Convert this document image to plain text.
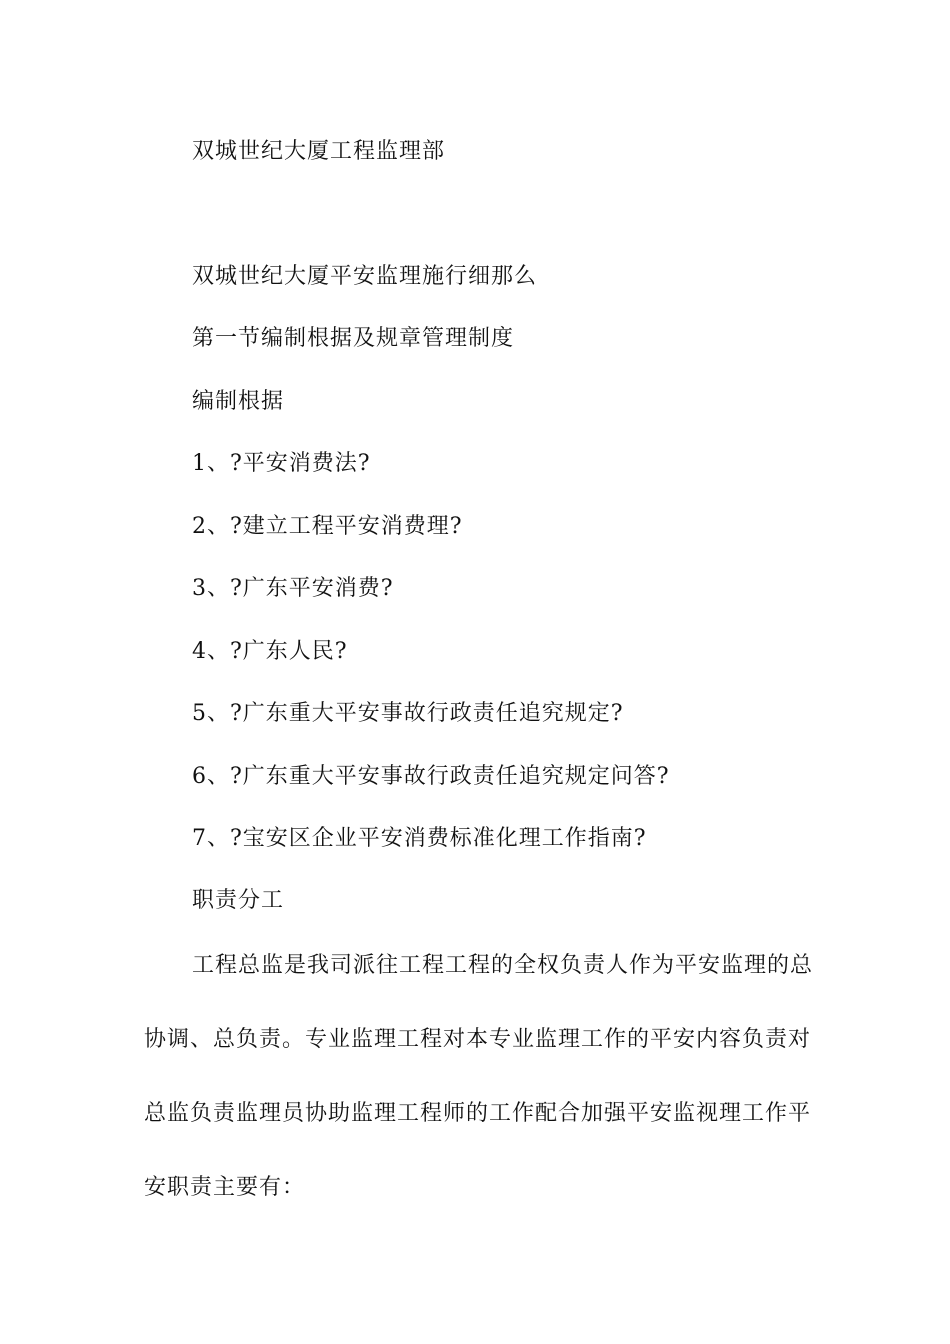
双城世纪大厦工程监理部
双城世纪大厦平安监理施行细那么
第一节编制根据及规章管理制度
编制根据
1、?平安消费法?
2、?建立工程平安消费理?
3、?广东平安消费?
4、?广东人民?
5、?广东重大平安事故行政责任追究规定?
6、?广东重大平安事故行政责任追究规定问答?
7、?宝安区企业平安消费标准化理工作指南?
职责分工
工程总监是我司派往工程工程的全权负责人作为平安监理的总
协调、总负责。专业监理工程对本专业监理工作的平安内容负责对
总监负责监理员协助监理工程师的工作配合加强平安监视理工作平
安职责主要有：
